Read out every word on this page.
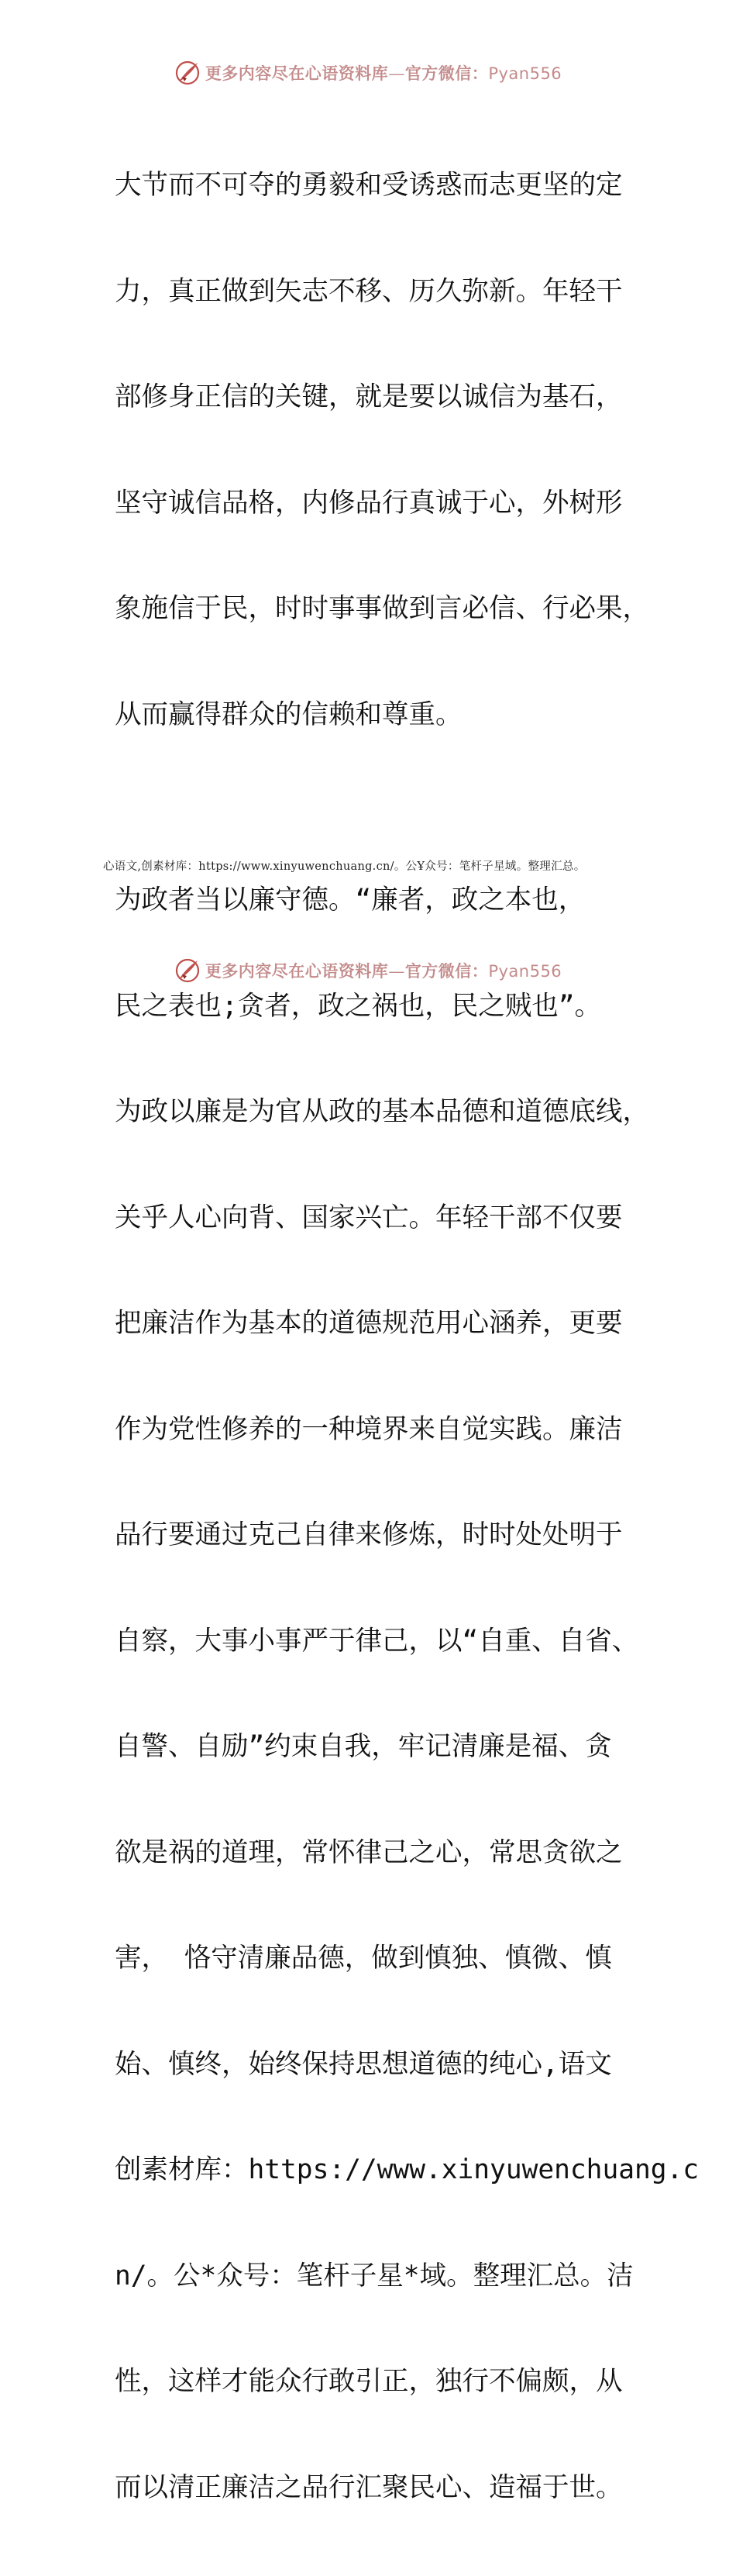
更多内容尽在心语资料库—官方微信：Pyan556

大节而不可夺的勇毅和受诱惑而志更坚的定

力，真正做到矢志不移、历久弥新。年轻干

部修身正信的关键，就是要以诚信为基石，

坚守诚信品格，内修品行真诚于心，外树形

象施信于民，时时事事做到言必信、行必果，

从而赢得群众的信赖和尊重。

为政者当以廉守德。“廉者，政之本也，

民之表也;贪者，政之祸也，民之贼也”。

为政以廉是为官从政的基本品德和道德底线，

关乎人心向背、国家兴亡。年轻干部不仅要

把廉洁作为基本的道德规范用心涵养，更要

作为党性修养的一种境界来自觉实践。廉洁

品行要通过克己自律来修炼，时时处处明于

自察，大事小事严于律己，以“自重、自省、

自警、自励”约束自我，牢记清廉是福、贪

欲是祸的道理，常怀律己之心，常思贪欲之

害， 恪守清廉品德，做到慎独、慎微、慎

始、慎终，始终保持思想道德的纯心,语文

创素材库：https://www.xinyuwenchuang.c

n/。公*众号：笔杆子星*域。整理汇总。洁

性，这样才能众行敢引正，独行不偏颇，从

而以清正廉洁之品行汇聚民心、造福于世。

心语文,创素材库：https://www.xinyuwenchuang.cn/。公Ұ众号：笔杆子星域。整理汇总。
更多内容尽在心语资料库—官方微信：Pyan556
